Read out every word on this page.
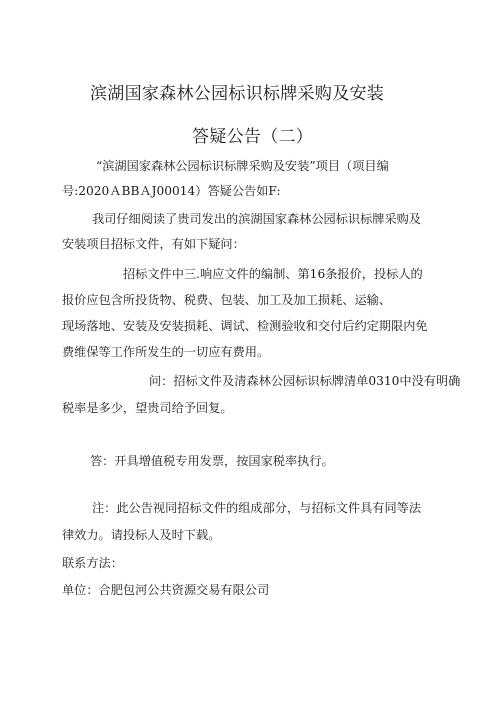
滨湖国家森林公园标识标牌采购及安装
答疑公告（二）
“滨湖国家森林公园标识标牌采购及安装”项目（项目编
号:2020ＡBBＡJ00014）答疑公告如F:
我司仔细阅读了贵司发出的滨湖国家森林公园标识标牌采购及
安装项目招标文件，有如下疑问：
招标文件中三.响应文件的编制、第16条报价，投标人的
报价应包含所投货物、税费、包装、加工及加工损耗、运输、
现场落地、安装及安装损耗、调试、检测验收和交付后约定期限内免
费维保等工作所发生的一切应有费用。
问：招标文件及清森林公园标识标牌清单0310中没有明确
税率是多少，望贵司给予回复。
答：开具增值税专用发票，按国家税率执行。
注：此公告视同招标文件的组成部分，与招标文件具有同等法
律效力。请投标人及时下载。
联系方法：
单位：合肥包河公共资源交易有限公司
